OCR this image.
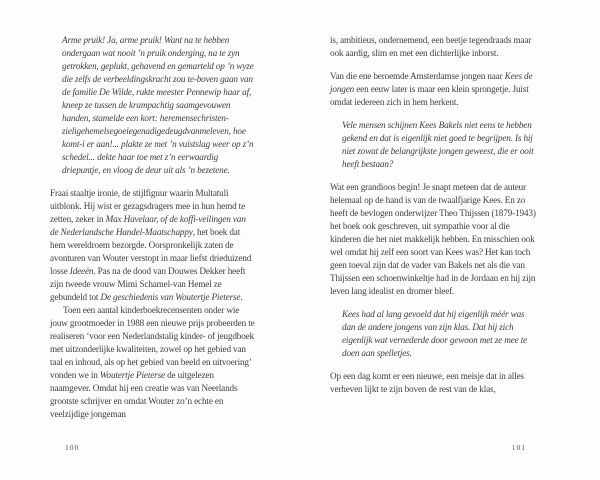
Arme pruik! Ja, arme pruik! Want na te hebben ondergaan wat nooit ’n pruik onderging, na te zyn getrokken, geplukt, gehavend en gemarteld op ’n wyze die zelfs de verbeeldingskracht zou te-boven gaan van de familie De Wilde, rukte meester Pennewip haar af, kneep ze tussen de krampachtig saamgevouwen handen, stamelde een kort: heremensechristen-zieligehemelsegoeiegenadigedeugdvanmeleven, hoe komt-i er aan!... plakte ze met ’n vuistslag weer op z’n schedel... dekte haar toe met z’n eerwaardig driepuntje, en vloog de deur uit als ’n bezetene.

Fraai staaltje ironie, de stijlfiguur waarin Multatuli uitblonk. Hij wist er gezagsdragers mee in hun hemd te zetten, zeker in Max Havelaar, of de koffi-veilingen van de Nederlandsche Handel-Maatschappy, het boek dat hem wereldroem bezorgde. Oorspronkelijk zaten de avonturen van Wouter verstopt in maar liefst drieduizend losse Ideeën. Pas na de dood van Douwes Dekker heeft zijn tweede vrouw Mimi Schamel-van Hemel ze gebundeld tot De geschiedenis van Woutertje Pieterse.

Toen een aantal kinderboekrecensenten onder wie jouw grootmoeder in 1988 een nieuwe prijs probeerden te realiseren ‘voor een Nederlandstalig kinder- of jeugdboek met uitzonderlijke kwaliteiten, zowel op het gebied van taal en inhoud, als op het gebied van beeld en uitvoering’ vonden we in Woutertje Pieterse de uitgelezen naamgever. Omdat hij een creatie was van Neerlands grootste schrijver en omdat Wouter zo’n echte en veelzijdige jongeman

100

is, ambitieus, ondernemend, een beetje tegendraads maar ook aardig, slim en met een dichterlijke inborst.

Van die ene beroemde Amsterdamse jongen naar Kees de jongen een eeuw later is maar een klein sprongetje. Juist omdat iedereen zich in hem herkent.

Vele mensen schijnen Kees Bakels niet eens te hebben gekend en dat is eigenlijk niet goed te begrijpen. Is hij niet zowat de belangrijkste jongen geweest, die er ooit heeft bestaan?

Wat een grandioos begin! Je snapt meteen dat de auteur helemaal op de hand is van de twaalfjarige Kees. En zo heeft de bevlogen onderwijzer Theo Thijssen (1879-1943) het boek ook geschreven, uit sympathie voor al die kinderen die het niet makkelijk hebben. En misschien ook wel omdat hij zelf een soort van Kees was? Het kan toch geen toeval zijn dat de vader van Bakels net als die van Thijssen een schoenwinkeltje had in de Jordaan en hij zijn leven lang idealist en dromer bleef.

Kees had al lang gevoeld dat hij eigenlijk méér was dan de andere jongens van zijn klas. Dat hij zich eigenlijk wat vernederde door gewoon met ze mee te doen aan spelletjes.

Op een dag komt er een nieuwe, een meisje dat in alles verheven lijkt te zijn boven de rest van de klas,

101
